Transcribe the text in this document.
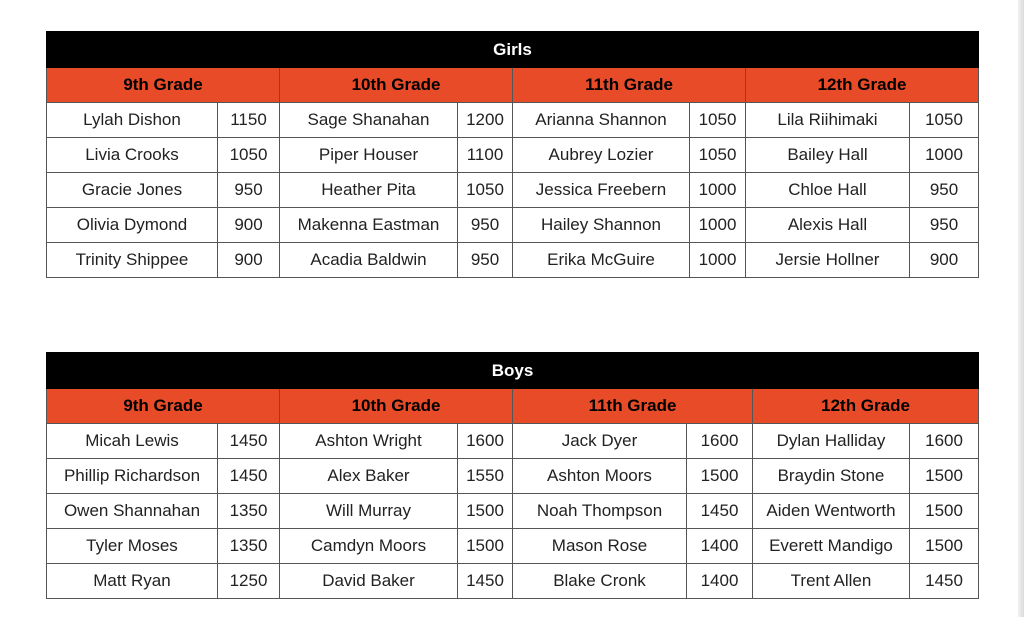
Girls							
9th Grade		10th Grade		11th Grade		12th Grade	
Lylah Dishon	1150	Sage Shanahan	1200	Arianna Shannon	1050	Lila Riihimaki	1050
Livia Crooks	1050	Piper Houser	1100	Aubrey Lozier	1050	Bailey Hall	1000
Gracie Jones	950	Heather Pita	1050	Jessica Freebern	1000	Chloe Hall	950
Olivia Dymond	900	Makenna Eastman	950	Hailey Shannon	1000	Alexis Hall	950
Trinity Shippee	900	Acadia Baldwin	950	Erika McGuire	1000	Jersie Hollner	900
Boys							
9th Grade		10th Grade		11th Grade		12th Grade	
Micah Lewis	1450	Ashton Wright	1600	Jack Dyer	1600	Dylan Halliday	1600
Phillip Richardson	1450	Alex Baker	1550	Ashton Moors	1500	Braydin Stone	1500
Owen Shannahan	1350	Will Murray	1500	Noah Thompson	1450	Aiden Wentworth	1500
Tyler Moses	1350	Camdyn Moors	1500	Mason Rose	1400	Everett Mandigo	1500
Matt Ryan	1250	David Baker	1450	Blake Cronk	1400	Trent Allen	1450
